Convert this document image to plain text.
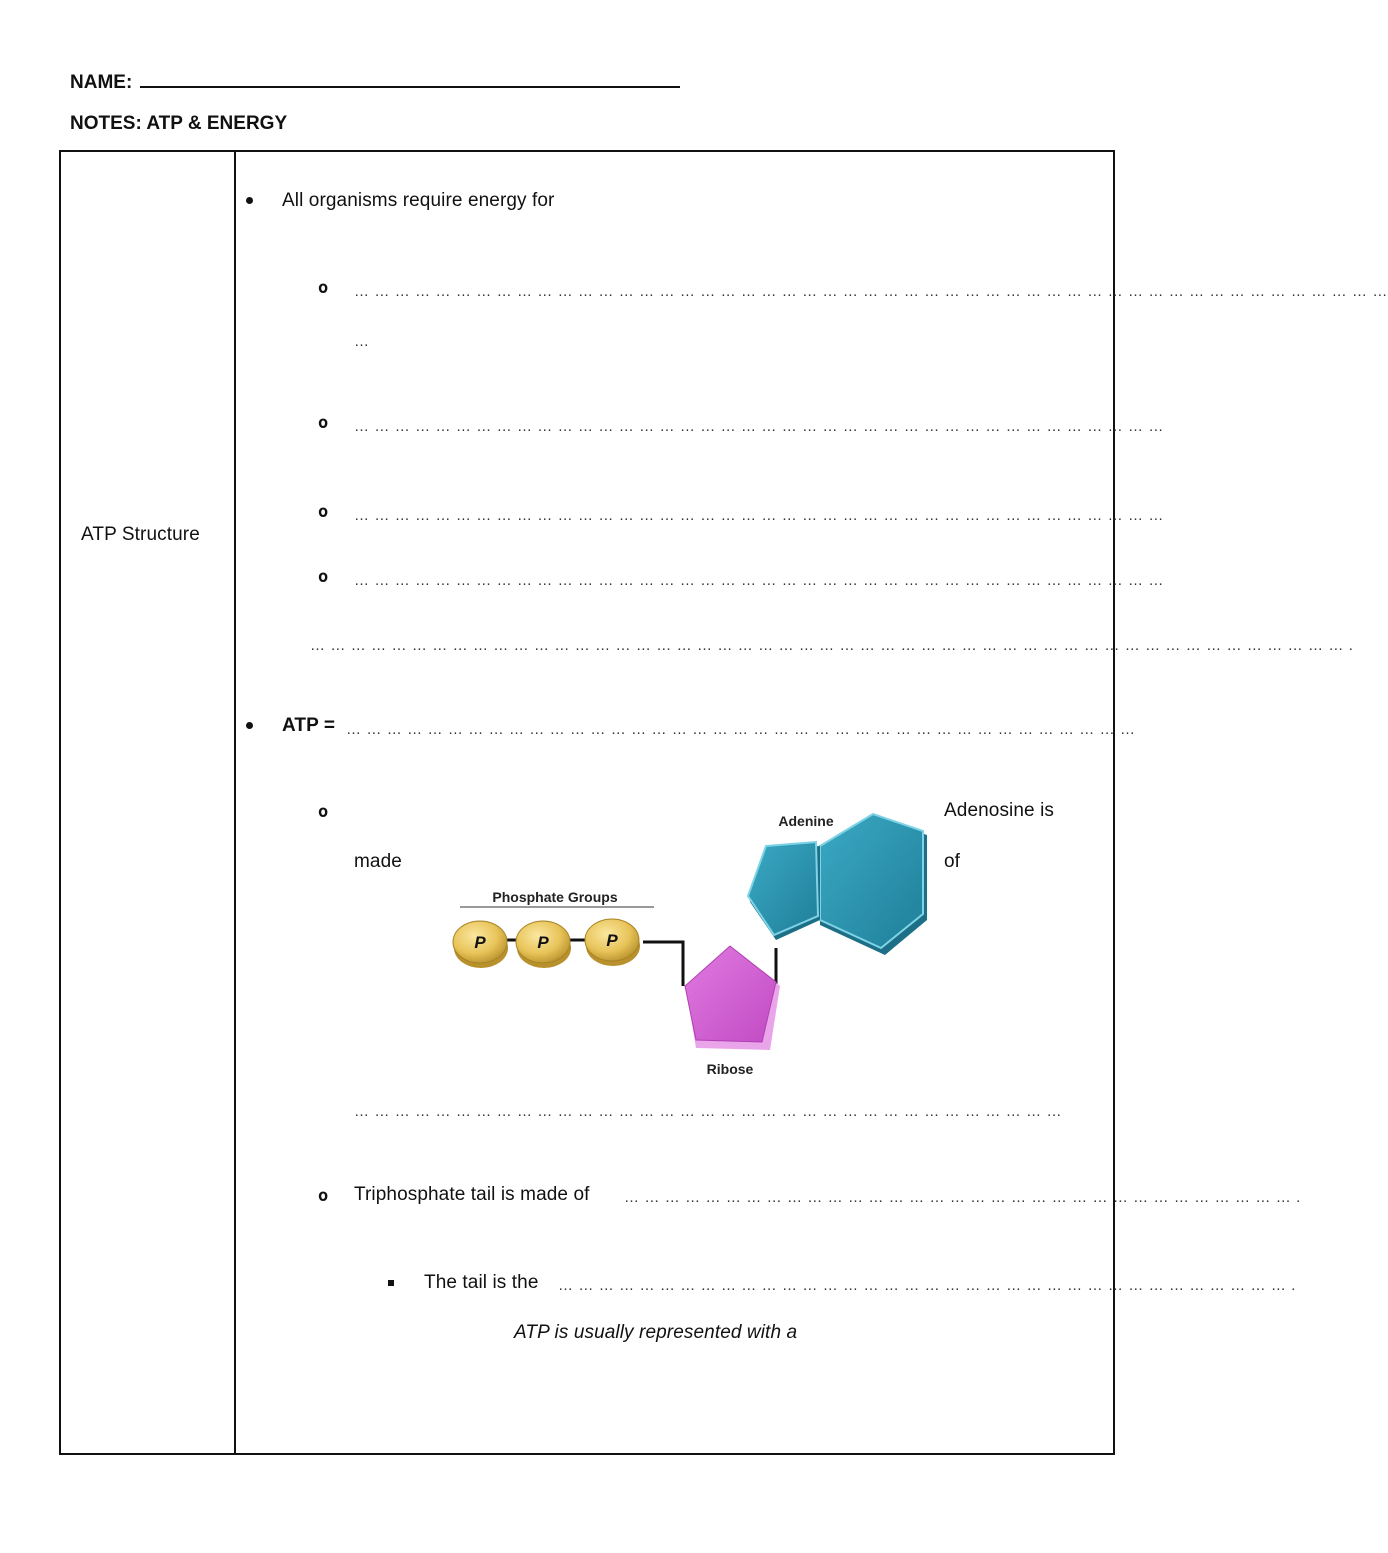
NAME:
NOTES: ATP & ENERGY
ATP Structure
All organisms require energy for
o … … … … … … … … … … … … … … … … … … … … … … … … … … … … … … … … … … … … … … … … … … … … … … … … … … …
…
o … … … … … … … … … … … … … … … … … … … … … … … … … … … … … … … … … … … … … … … …
o … … … … … … … … … … … … … … … … … … … … … … … … … … … … … … … … … … … … … … … …
o … … … … … … … … … … … … … … … … … … … … … … … … … … … … … … … … … … … … … … … …
… … … … … … … … … … … … … … … … … … … … … … … … … … … … … … … … … … … … … … … … … … … … … … … … … … … .
ATP = … … … … … … … … … … … … … … … … … … … … … … … … … … … … … … … … … … … … … … …
o	Adenosine is
made	of
Phosphate Groups
P	P	P
Ribose
Adenine
… … … … … … … … … … … … … … … … … … … … … … … … … … … … … … … … … … …
o Triphosphate tail is made of … … … … … … … … … … … … … … … … … … … … … … … … … … … … … … … … … .
The tail is the … … … … … … … … … … … … … … … … … … … … … … … … … … … … … … … … … … … … .
ATP is usually represented with a
